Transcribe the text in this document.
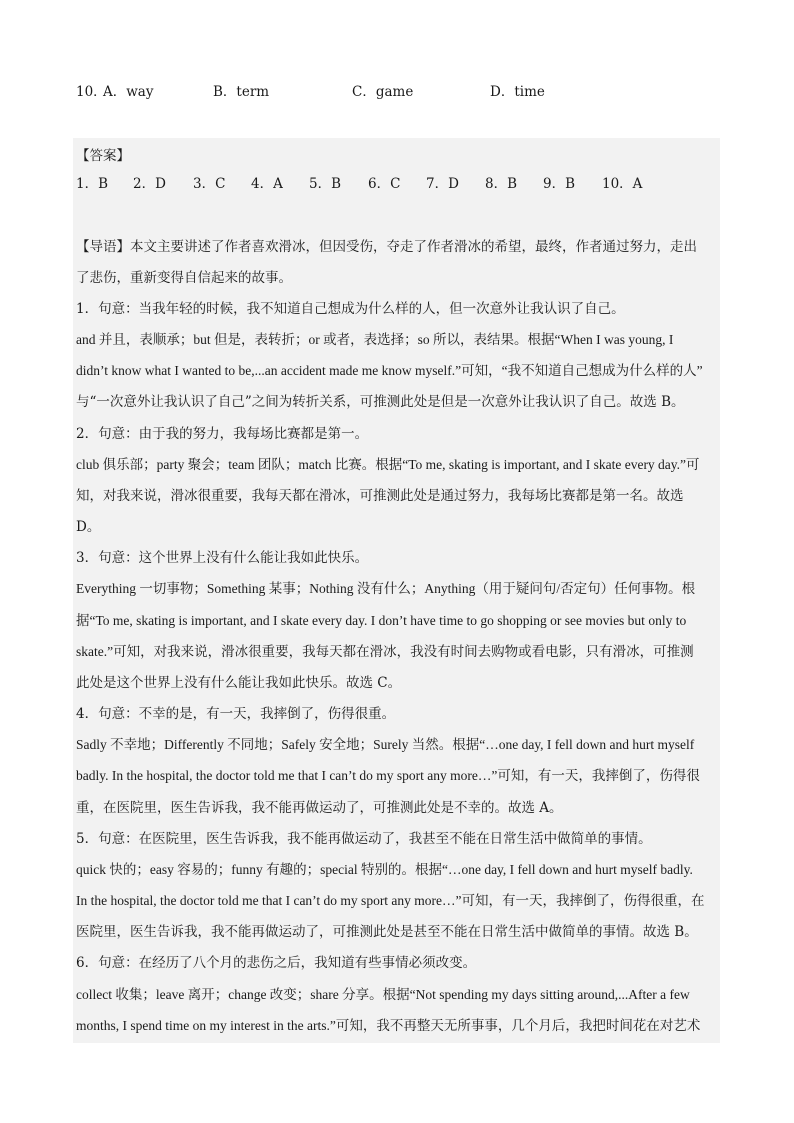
10．
A．way	B．term	C．game	D．time
【答案】
1．B 2．D 3．C 4．A 5．B 6．C 7．D 8．B 9．B 10．A
【导语】本文主要讲述了作者喜欢滑冰，但因受伤，夺走了作者滑冰的希望，最终，作者通过努力，走出
了悲伤，重新变得自信起来的故事。
1．句意：当我年轻的时候，我不知道自己想成为什么样的人，但一次意外让我认识了自己。
and 并且，表顺承；but 但是，表转折；or 或者，表选择；so 所以，表结果。根据“When I was young, I
didn’t know what I wanted to be,...an accident made me know myself.”可知，“我不知道自己想成为什么样的人”
与“一次意外让我认识了自己”之间为转折关系，可推测此处是但是一次意外让我认识了自己。故选 B。
2．句意：由于我的努力，我每场比赛都是第一。
club 俱乐部；party 聚会；team 团队；match 比赛。根据“To me, skating is important, and I skate every day.”可
知，对我来说，滑冰很重要，我每天都在滑冰，可推测此处是通过努力，我每场比赛都是第一名。故选
D。
3．句意：这个世界上没有什么能让我如此快乐。
Everything 一切事物；Something 某事；Nothing 没有什么；Anything（用于疑问句/否定句）任何事物。根
据“To me, skating is important, and I skate every day. I don’t have time to go shopping or see movies but only to
skate.”可知，对我来说，滑冰很重要，我每天都在滑冰，我没有时间去购物或看电影，只有滑冰，可推测
此处是这个世界上没有什么能让我如此快乐。故选 C。
4．句意：不幸的是，有一天，我摔倒了，伤得很重。
Sadly 不幸地；Differently 不同地；Safely 安全地；Surely 当然。根据“…one day, I fell down and hurt myself
badly. In the hospital, the doctor told me that I can’t do my sport any more…”可知，有一天，我摔倒了，伤得很
重，在医院里，医生告诉我，我不能再做运动了，可推测此处是不幸的。故选 A。
5．句意：在医院里，医生告诉我，我不能再做运动了，我甚至不能在日常生活中做简单的事情。
quick 快的；easy 容易的；funny 有趣的；special 特别的。根据“…one day, I fell down and hurt myself badly.
In the hospital, the doctor told me that I can’t do my sport any more…”可知，有一天，我摔倒了，伤得很重，在
医院里，医生告诉我，我不能再做运动了，可推测此处是甚至不能在日常生活中做简单的事情。故选 B。
6．句意：在经历了八个月的悲伤之后，我知道有些事情必须改变。
collect 收集；leave 离开；change 改变；share 分享。根据“Not spending my days sitting around,...After a few
months, I spend time on my interest in the arts.”可知，我不再整天无所事事，几个月后，我把时间花在对艺术
